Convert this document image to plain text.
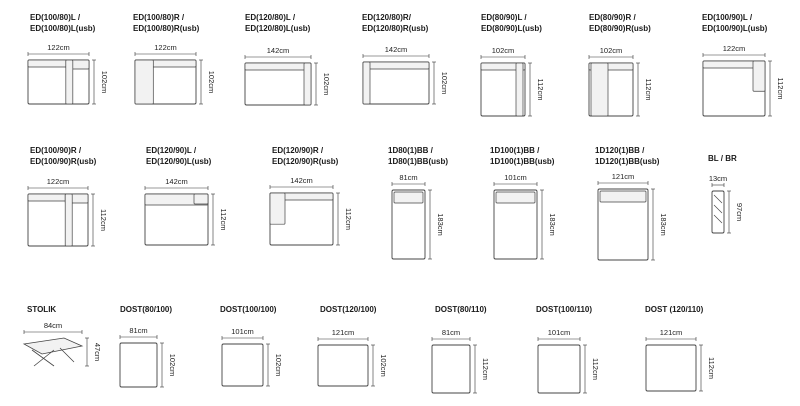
122cm
102cm
122cm
102cm
142cm
102cm
142cm
102cm
102cm
112cm
102cm
112cm
122cm
112cm
122cm
112cm
142cm
112cm
142cm
112cm
81cm
183cm
101cm
183cm
121cm
183cm
13cm
97cm
84cm
47cm
81cm
102cm
101cm
102cm
121cm
102cm
81cm
112cm
101cm
112cm
121cm
112cm
ED(100/80)L /
ED(100/80)L(usb)
ED(100/80)R /
ED(100/80)R(usb)
ED(120/80)L /
ED(120/80)L(usb)
ED(120/80)R/
ED(120/80)R(usb)
ED(80/90)L /
ED(80/90)L(usb)
ED(80/90)R /
ED(80/90)R(usb)
ED(100/90)L /
ED(100/90)L(usb)
ED(100/90)R /
ED(100/90)R(usb)
ED(120/90)L /
ED(120/90)L(usb)
ED(120/90)R /
ED(120/90)R(usb)
1D80(1)BB /
1D80(1)BB(usb)
1D100(1)BB /
1D100(1)BB(usb)
1D120(1)BB /
1D120(1)BB(usb)	BL / BR
STOLIK	DOST(80/100)	DOST(100/100)	DOST(120/100)	DOST(80/110)	DOST(100/110)	DOST (120/110)
